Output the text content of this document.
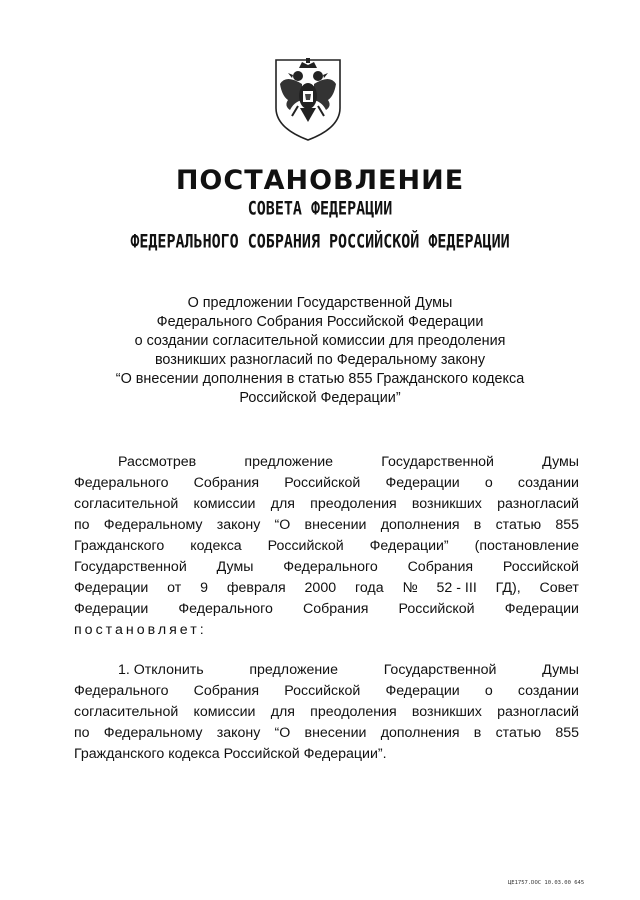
ПОСТАНОВЛЕНИЕ
СОВЕТА ФЕДЕРАЦИИ
ФЕДЕРАЛЬНОГО СОБРАНИЯ РОССИЙСКОЙ ФЕДЕРАЦИИ
О предложении Государственной Думы
Федерального Собрания Российской Федерации
о создании согласительной комиссии для преодоления
возникших разногласий по Федеральному закону
“О внесении дополнения в статью 855 Гражданского кодекса
Российской Федерации”
Рассмотрев	предложение	Государственной	Думы
Федерального Собрания Российской Федерации о создании
согласительной комиссии для преодоления возникших разногласий
по Федеральному закону “О внесении дополнения в статью 855
Гражданского кодекса Российской Федерации” (постановление
Государственной Думы Федерального Собрания Российской
Федерации от 9 февраля 2000 года № 52 - III ГД), Совет
Федерации Федерального Собрания Российской Федерации
постановляет:
1. Отклонить	предложение	Государственной	Думы
Федерального Собрания Российской Федерации о создании
согласительной комиссии для преодоления возникших разногласий
по Федеральному закону “О внесении дополнения в статью 855
Гражданского кодекса Российской Федерации”.
ЦЕ1757.DOC 10.03.00 645
